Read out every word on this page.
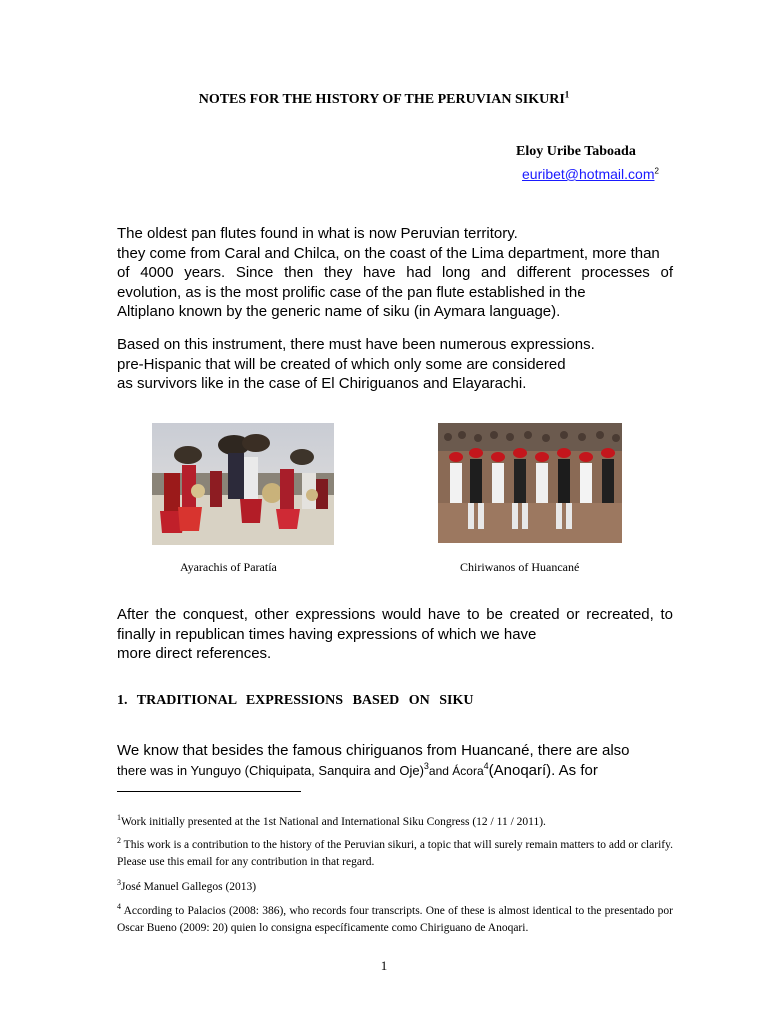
NOTES FOR THE HISTORY OF THE PERUVIAN SIKURI$^1$
Eloy Uribe Taboada
euribet@hotmail.com$^2$
The oldest pan flutes found in what is now Peruvian territory.
they come from Caral and Chilca, on the coast of the Lima department, more than
of 4000 years. Since then they have had long and different processes of
evolution, as is the most prolific case of the pan flute established in the
Altiplano known by the generic name of siku (in Aymara language).
Based on this instrument, there must have been numerous expressions.
pre-Hispanic that will be created of which only some are considered
as survivors like in the case of El Chiriguanos and Elayarachi.
Ayarachis of Paratía	Chiriwanos of Huancané
After the conquest, other expressions would have to be created or recreated, to
finally in republican times having expressions of which we have
more direct references.
1. TRADITIONAL EXPRESSIONS BASED ON SIKU
We know that besides the famous chiriguanos from Huancané, there are also
there was in Yunguyo (Chiquipata, Sanquira and Oje)$^3$and Ácora$^4$(Anoqarí). As for
$^1$Work initially presented at the 1st National and International Siku Congress (12 / 11 / 2011).
$^2$ This work is a contribution to the history of the Peruvian sikuri, a topic that will surely remain matters to add or clarify. Please use this email for any contribution in that regard.
$^3$José Manuel Gallegos (2013)
$^4$ According to Palacios (2008: 386), who records four transcripts. One of these is almost identical to the presentado por Oscar Bueno (2009: 20) quien lo consigna específicamente como Chiriguano de Anoqari.
1
